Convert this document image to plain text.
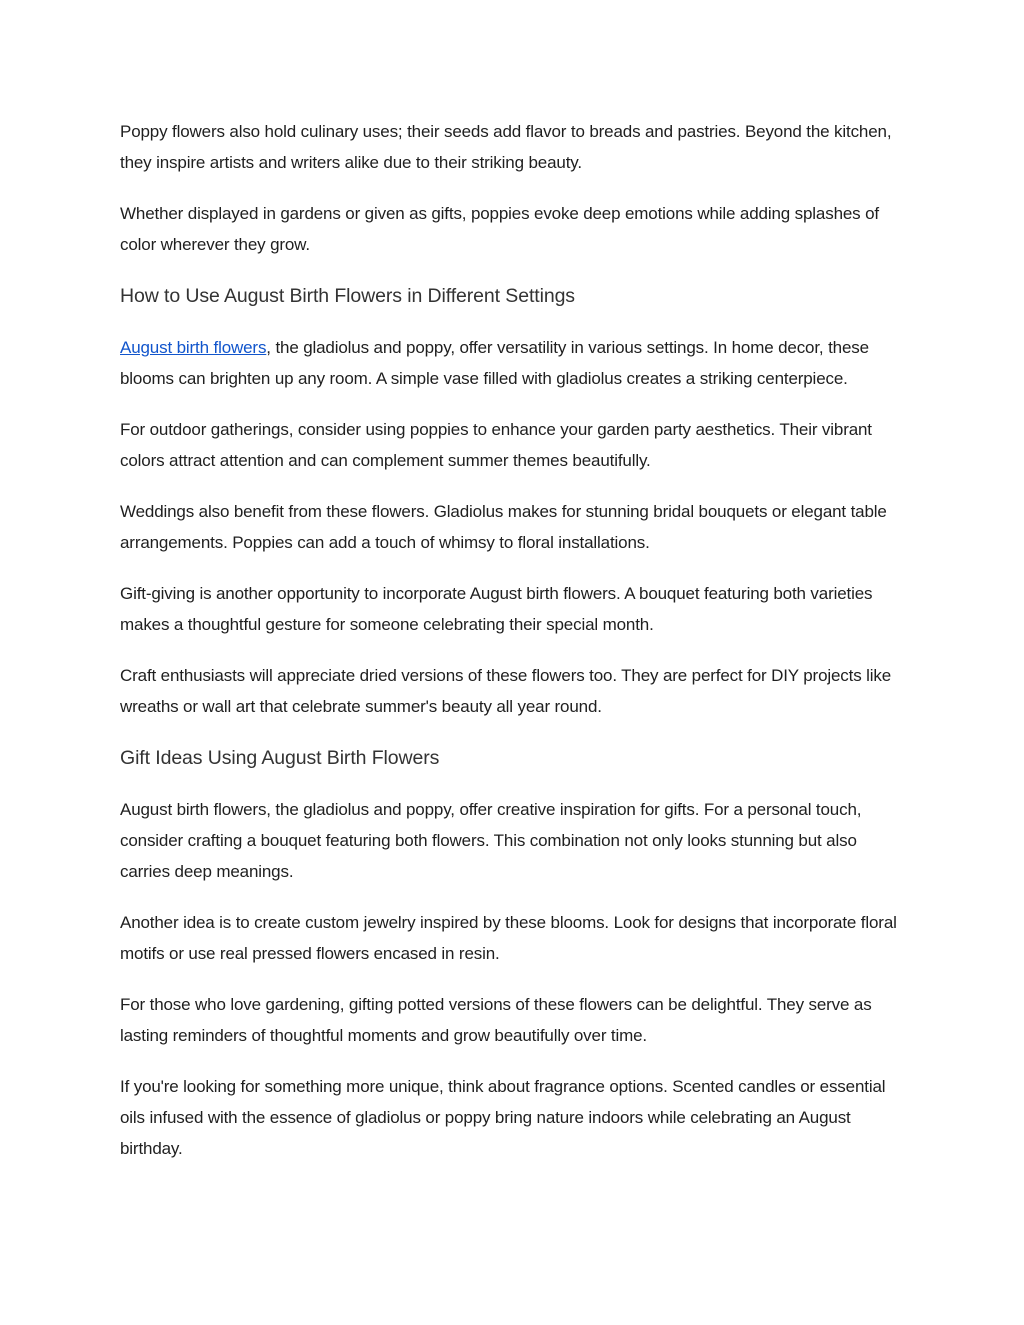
Poppy flowers also hold culinary uses; their seeds add flavor to breads and pastries. Beyond the kitchen, they inspire artists and writers alike due to their striking beauty.

Whether displayed in gardens or given as gifts, poppies evoke deep emotions while adding splashes of color wherever they grow.

How to Use August Birth Flowers in Different Settings

August birth flowers, the gladiolus and poppy, offer versatility in various settings. In home decor, these blooms can brighten up any room. A simple vase filled with gladiolus creates a striking centerpiece.

For outdoor gatherings, consider using poppies to enhance your garden party aesthetics. Their vibrant colors attract attention and can complement summer themes beautifully.

Weddings also benefit from these flowers. Gladiolus makes for stunning bridal bouquets or elegant table arrangements. Poppies can add a touch of whimsy to floral installations.

Gift-giving is another opportunity to incorporate August birth flowers. A bouquet featuring both varieties makes a thoughtful gesture for someone celebrating their special month.

Craft enthusiasts will appreciate dried versions of these flowers too. They are perfect for DIY projects like wreaths or wall art that celebrate summer's beauty all year round.

Gift Ideas Using August Birth Flowers

August birth flowers, the gladiolus and poppy, offer creative inspiration for gifts. For a personal touch, consider crafting a bouquet featuring both flowers. This combination not only looks stunning but also carries deep meanings.

Another idea is to create custom jewelry inspired by these blooms. Look for designs that incorporate floral motifs or use real pressed flowers encased in resin.

For those who love gardening, gifting potted versions of these flowers can be delightful. They serve as lasting reminders of thoughtful moments and grow beautifully over time.

If you're looking for something more unique, think about fragrance options. Scented candles or essential oils infused with the essence of gladiolus or poppy bring nature indoors while celebrating an August birthday.
